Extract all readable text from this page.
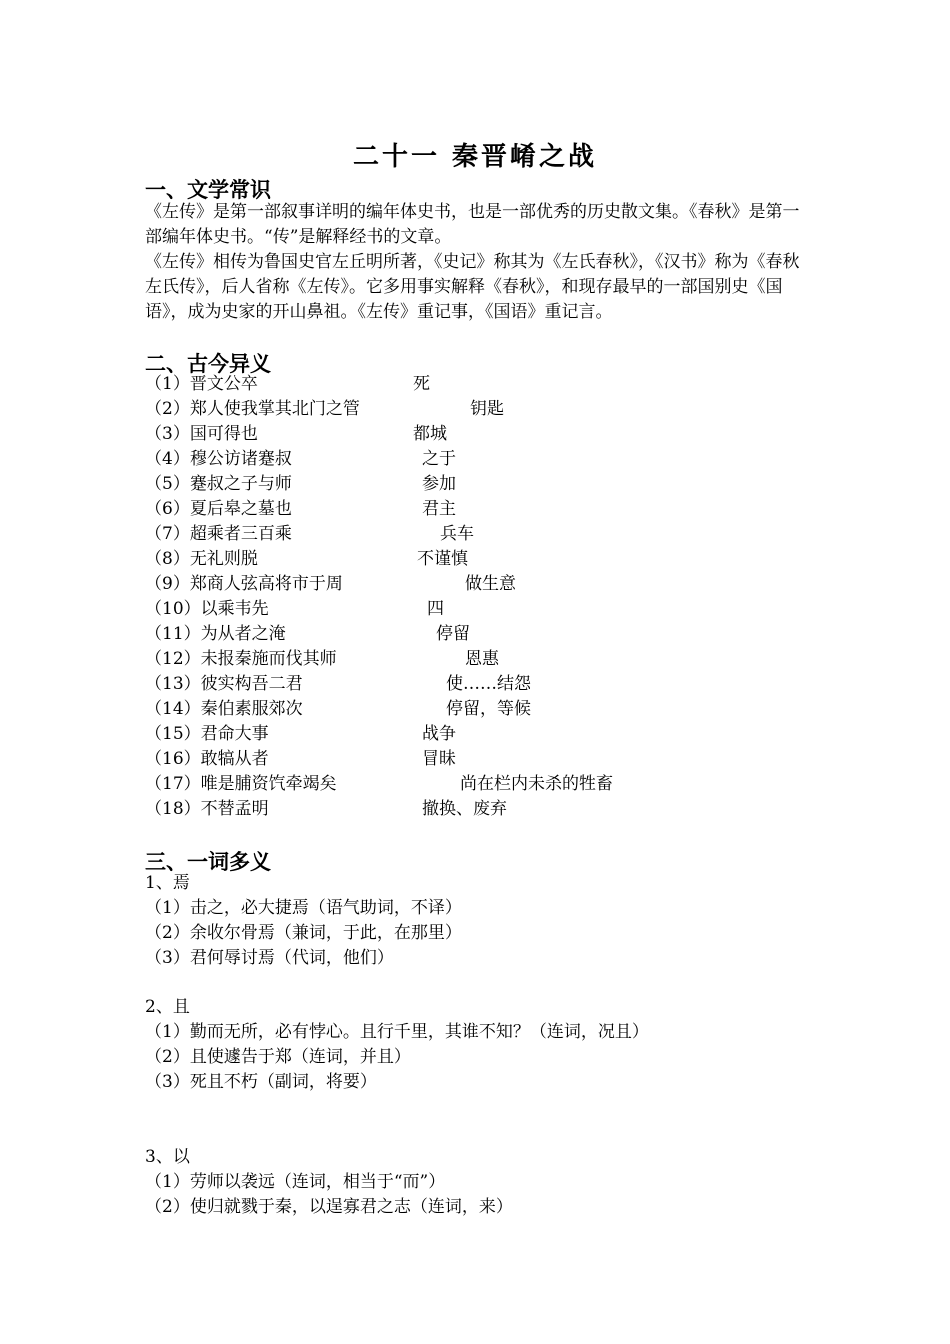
二十一 秦晋崤之战
一、文学常识
《左传》是第一部叙事详明的编年体史书，也是一部优秀的历史散文集。《春秋》是第一部编年体史书。“传”是解释经书的文章。
《左传》相传为鲁国史官左丘明所著，《史记》称其为《左氏春秋》，《汉书》称为《春秋左氏传》，后人省称《左传》。它多用事实解释《春秋》，和现存最早的一部国别史《国语》，成为史家的开山鼻祖。《左传》重记事，《国语》重记言。
二、古今异义
（1）晋文公卒	死
（2）郑人使我掌其北门之管	钥匙
（3）国可得也	都城
（4）穆公访诸蹇叔	之于
（5）蹇叔之子与师	参加
（6）夏后皋之墓也	君主
（7）超乘者三百乘	兵车
（8）无礼则脱	不谨慎
（9）郑商人弦高将市于周	做生意
（10）以乘韦先	四
（11）为从者之淹	停留
（12）未报秦施而伐其师	恩惠
（13）彼实构吾二君	使……结怨
（14）秦伯素服郊次	停留，等候
（15）君命大事	战争
（16）敢犒从者	冒昧
（17）唯是脯资饩牵竭矣	尚在栏内未杀的牲畜
（18）不替孟明	撤换、废弃
三、一词多义
1、焉
（1）击之，必大捷焉（语气助词，不译）
（2）余收尔骨焉（兼词，于此，在那里）
（3）君何辱讨焉（代词，他们）
2、且
（1）勤而无所，必有悖心。且行千里，其谁不知？（连词，况且）
（2）且使遽告于郑（连词，并且）
（3）死且不朽（副词，将要）
3、以
（1）劳师以袭远（连词，相当于“而”）
（2）使归就戮于秦，以逞寡君之志（连词，来）
